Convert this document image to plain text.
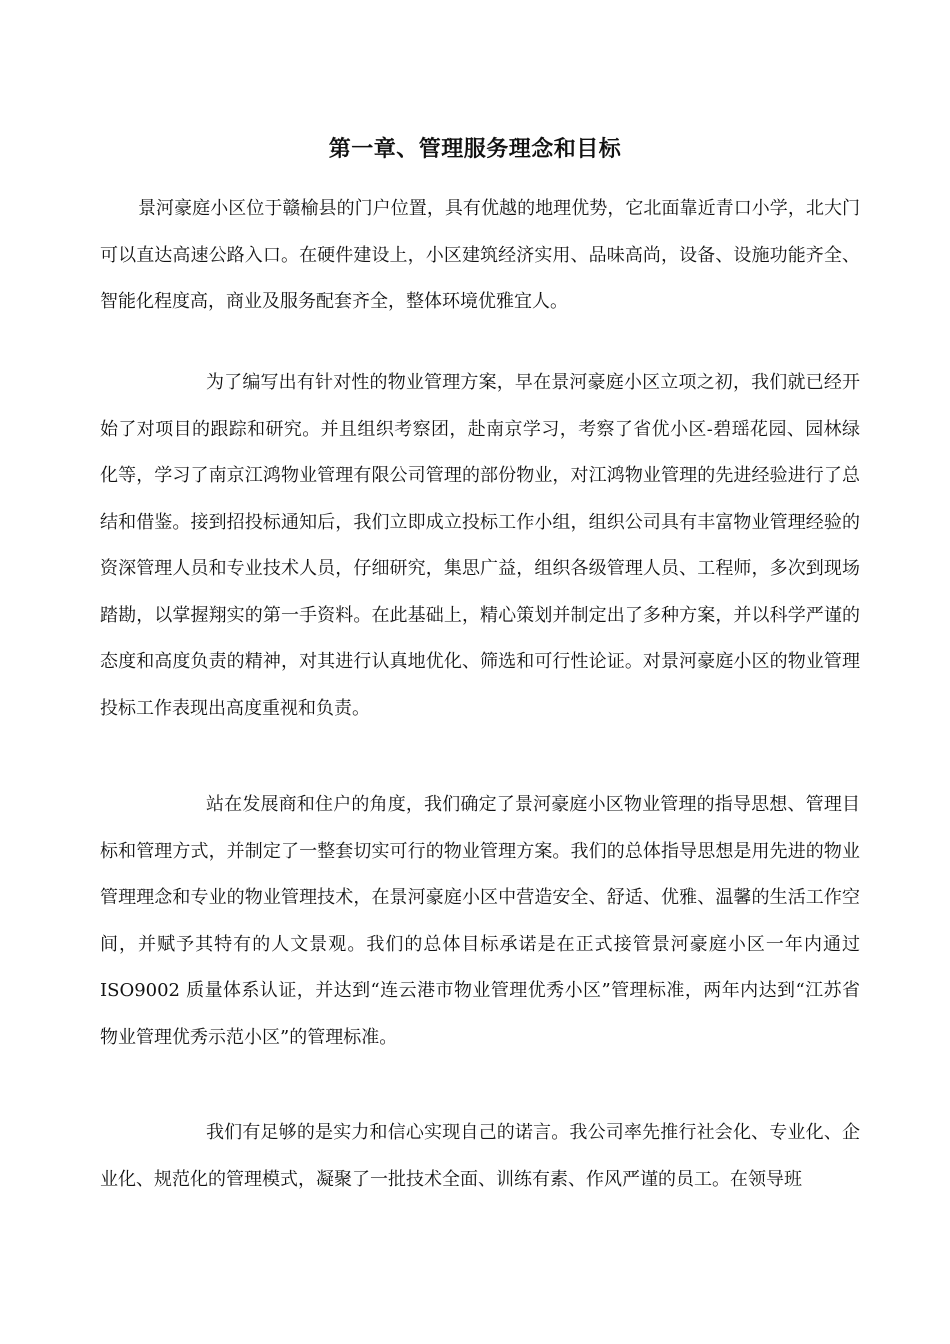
第一章、管理服务理念和目标

景河豪庭小区位于赣榆县的门户位置，具有优越的地理优势，它北面靠近青口小学，北大门可以直达高速公路入口。在硬件建设上，小区建筑经济实用、品味高尚，设备、设施功能齐全、智能化程度高，商业及服务配套齐全，整体环境优雅宜人。

为了编写出有针对性的物业管理方案，早在景河豪庭小区立项之初，我们就已经开始了对项目的跟踪和研究。并且组织考察团，赴南京学习，考察了省优小区-碧瑶花园、园林绿化等，学习了南京江鸿物业管理有限公司管理的部份物业，对江鸿物业管理的先进经验进行了总结和借鉴。接到招投标通知后，我们立即成立投标工作小组，组织公司具有丰富物业管理经验的资深管理人员和专业技术人员，仔细研究，集思广益，组织各级管理人员、工程师，多次到现场踏勘，以掌握翔实的第一手资料。在此基础上，精心策划并制定出了多种方案，并以科学严谨的态度和高度负责的精神，对其进行认真地优化、筛选和可行性论证。对景河豪庭小区的物业管理投标工作表现出高度重视和负责。

站在发展商和住户的角度，我们确定了景河豪庭小区物业管理的指导思想、管理目标和管理方式，并制定了一整套切实可行的物业管理方案。我们的总体指导思想是用先进的物业管理理念和专业的物业管理技术，在景河豪庭小区中营造安全、舒适、优雅、温馨的生活工作空间，并赋予其特有的人文景观。我们的总体目标承诺是在正式接管景河豪庭小区一年内通过 ISO9002 质量体系认证，并达到“连云港市物业管理优秀小区”管理标准，两年内达到“江苏省物业管理优秀示范小区”的管理标准。

我们有足够的是实力和信心实现自己的诺言。我公司率先推行社会化、专业化、企业化、规范化的管理模式，凝聚了一批技术全面、训练有素、作风严谨的员工。在领导班
